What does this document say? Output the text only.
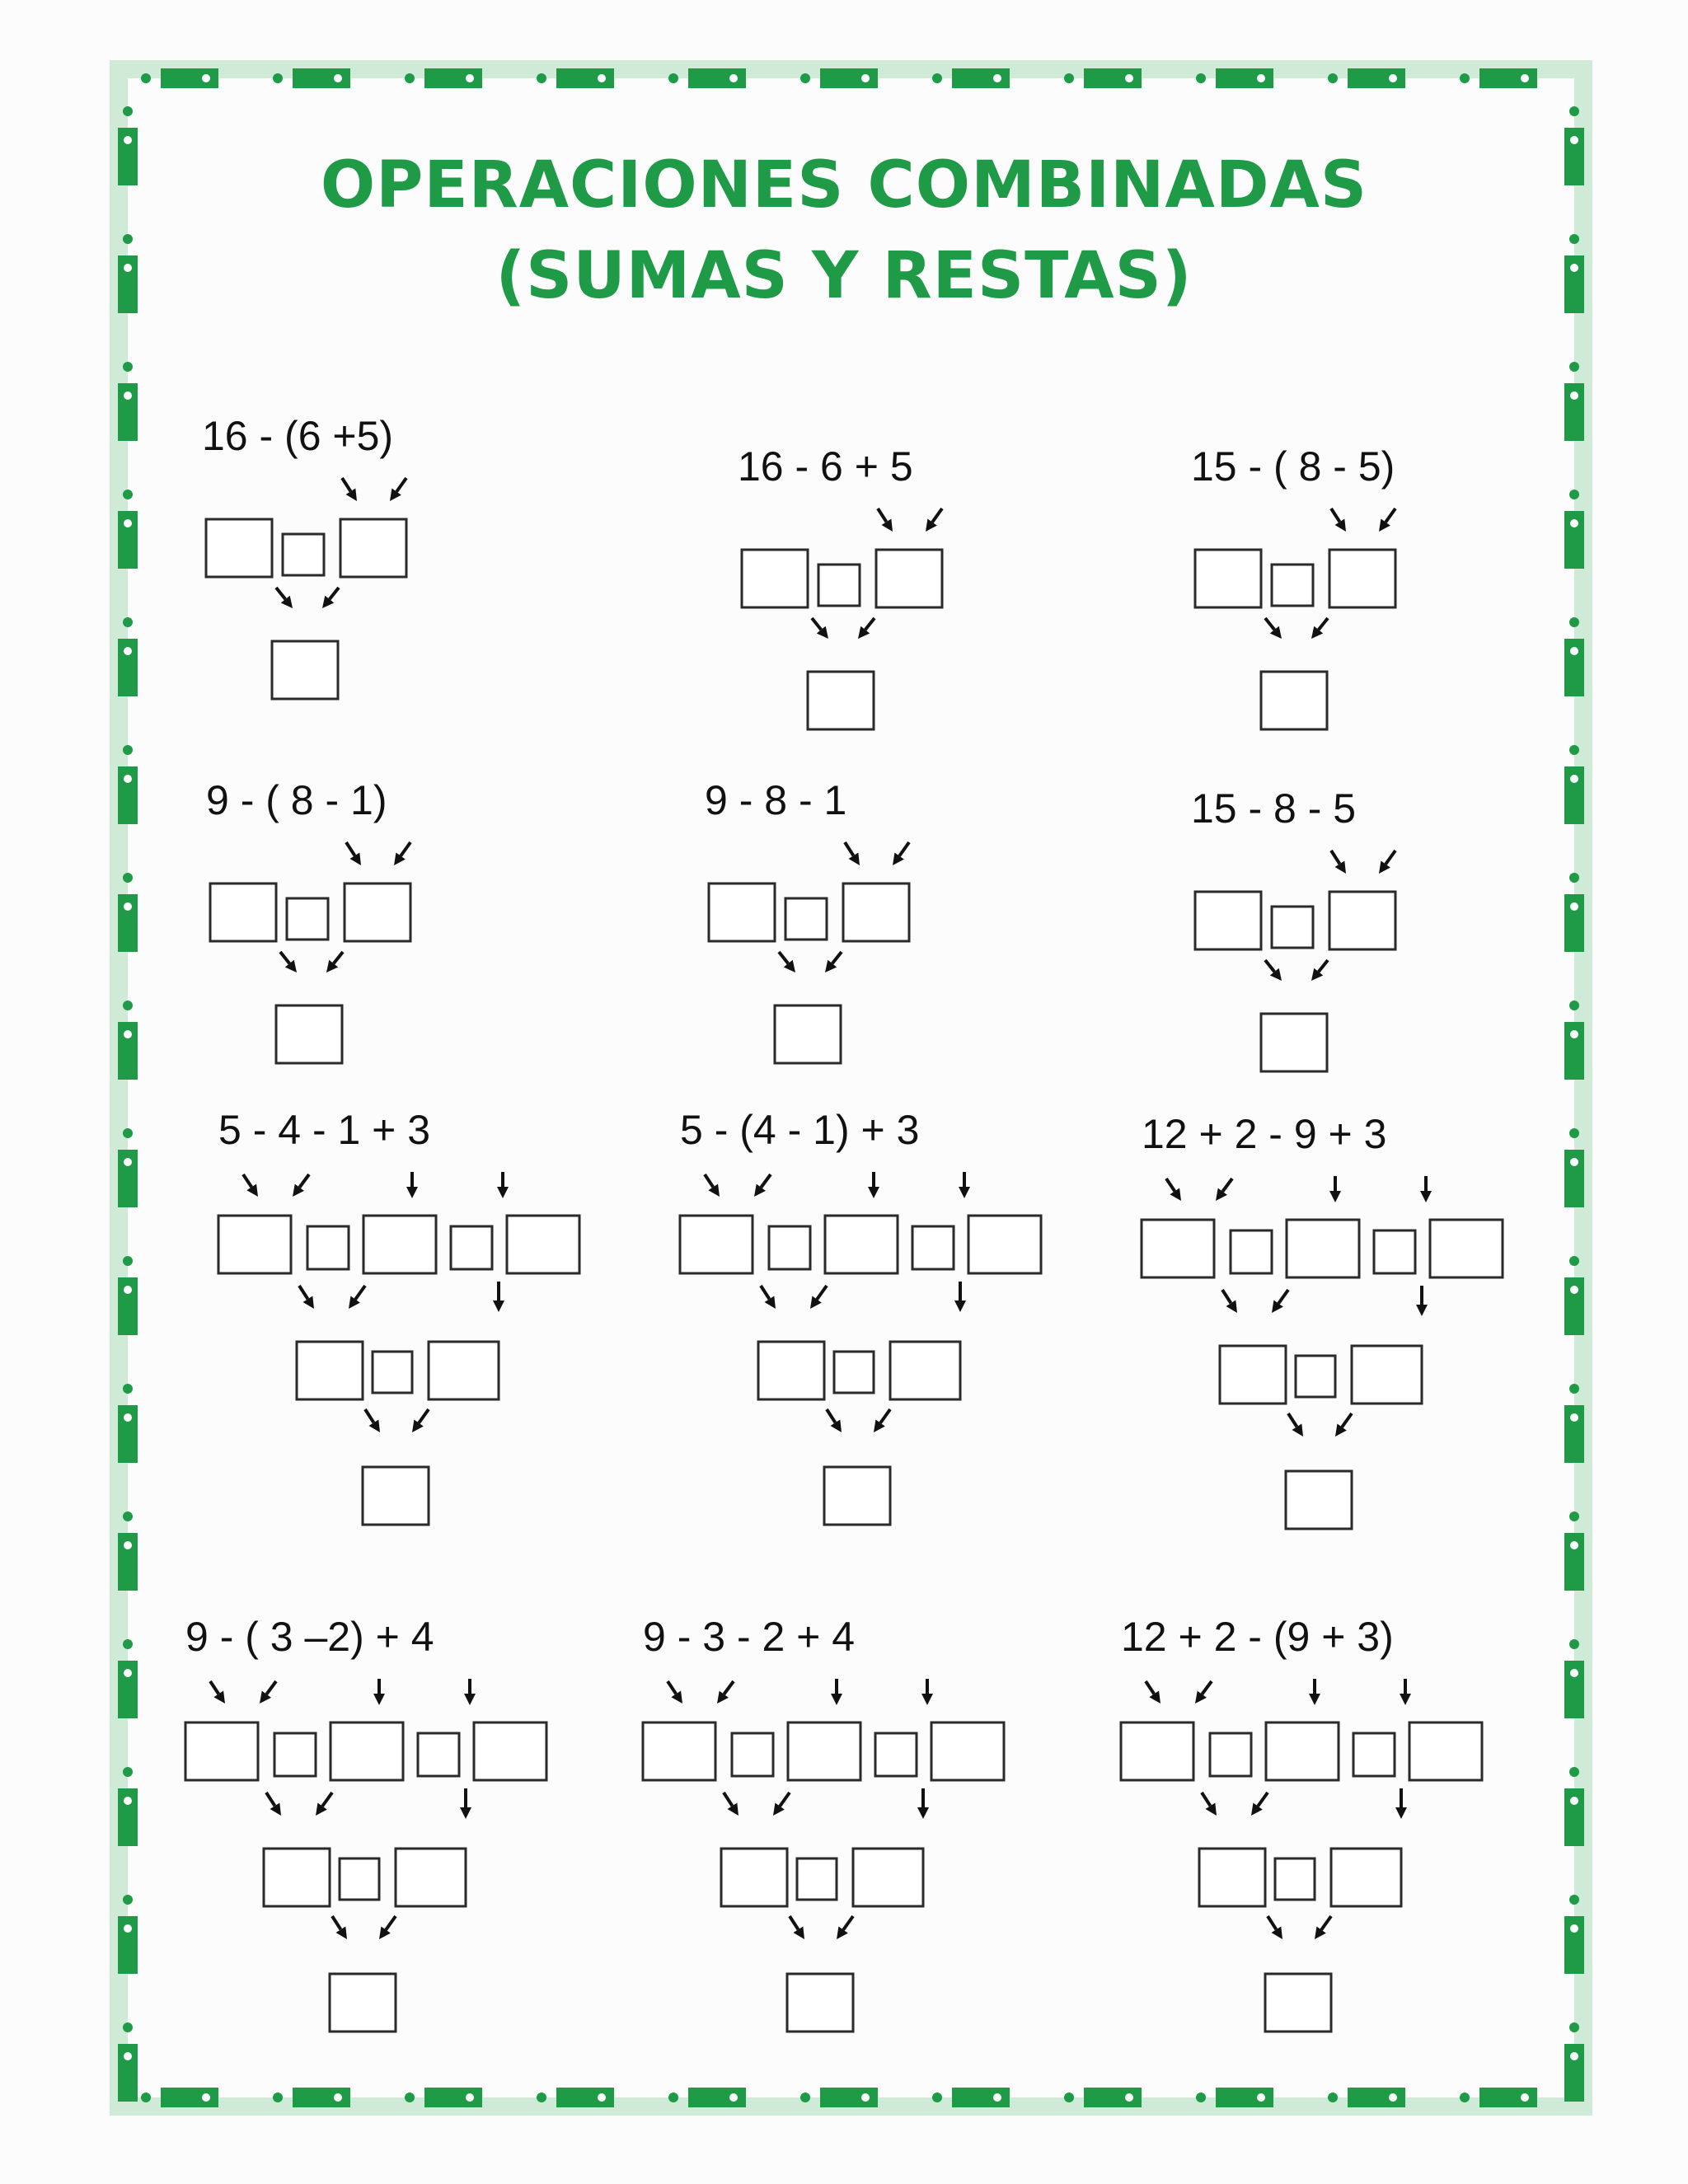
OPERACIONES COMBINADAS
(SUMAS Y RESTAS)
16 - (6 +5)
16 - 6 + 5	15 - ( 8 - 5)
9 - ( 8 - 1)	9 - 8 - 1	15 - 8 - 5
5 - 4 - 1 + 3	5 - (4 - 1) + 3	12 + 2 - 9 + 3
9 - ( 3 –2) + 4	9 - 3 - 2 + 4	12 + 2 - (9 + 3)
